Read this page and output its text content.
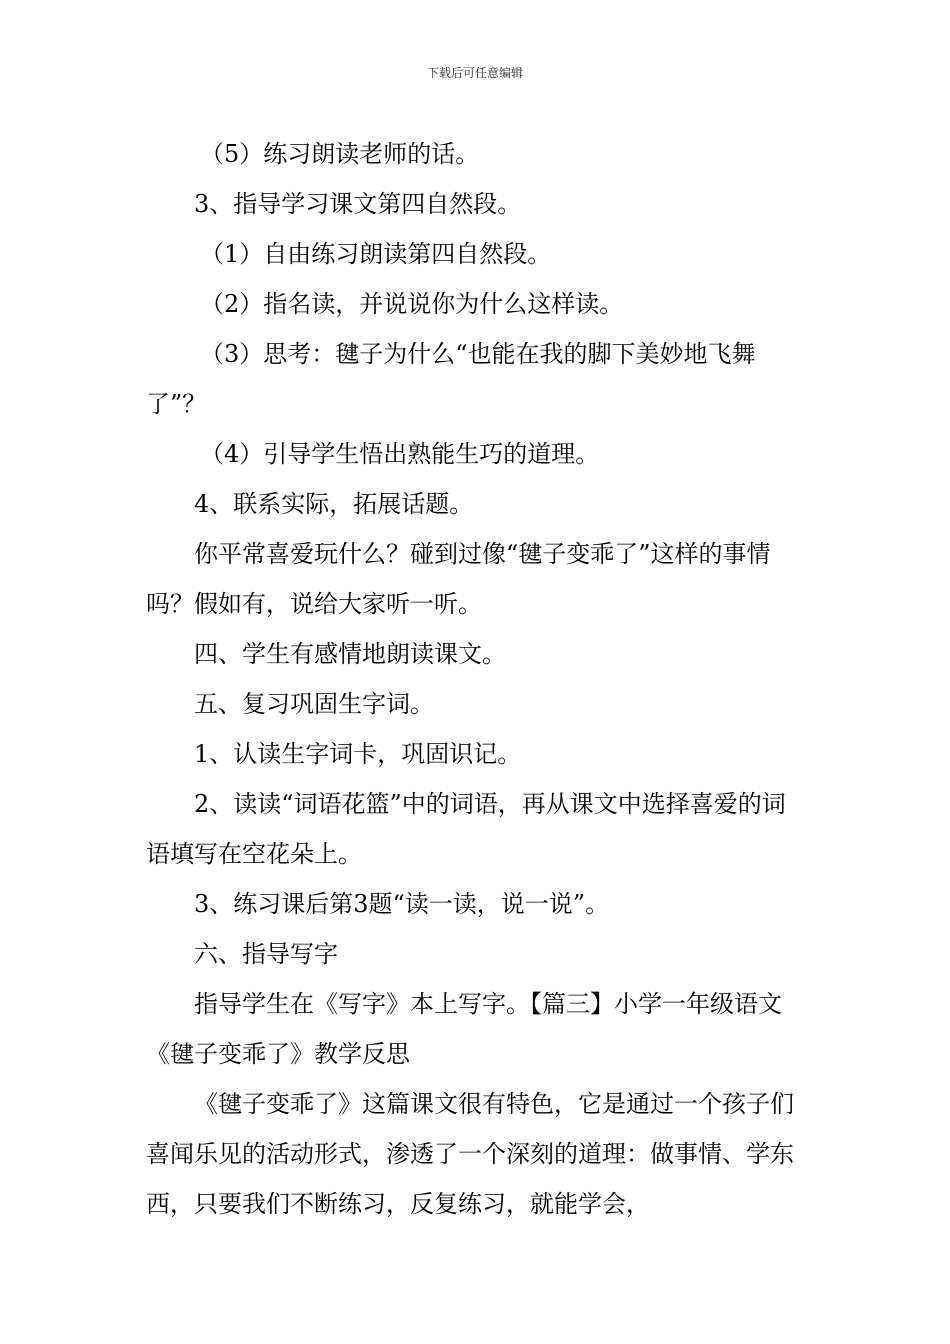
下载后可任意编辑

（5）练习朗读老师的话。

3、指导学习课文第四自然段。

（1）自由练习朗读第四自然段。

（2）指名读，并说说你为什么这样读。

（3）思考：毽子为什么“也能在我的脚下美妙地飞舞了”？

（4）引导学生悟出熟能生巧的道理。

4、联系实际，拓展话题。

你平常喜爱玩什么？碰到过像“毽子变乖了”这样的事情吗？假如有，说给大家听一听。

四、学生有感情地朗读课文。

五、复习巩固生字词。

1、认读生字词卡，巩固识记。

2、读读“词语花篮”中的词语，再从课文中选择喜爱的词语填写在空花朵上。

3、练习课后第3题“读一读，说一说”。

六、指导写字

指导学生在《写字》本上写字。【篇三】小学一年级语文《毽子变乖了》教学反思

《毽子变乖了》这篇课文很有特色，它是通过一个孩子们喜闻乐见的活动形式，渗透了一个深刻的道理：做事情、学东西，只要我们不断练习，反复练习，就能学会，
